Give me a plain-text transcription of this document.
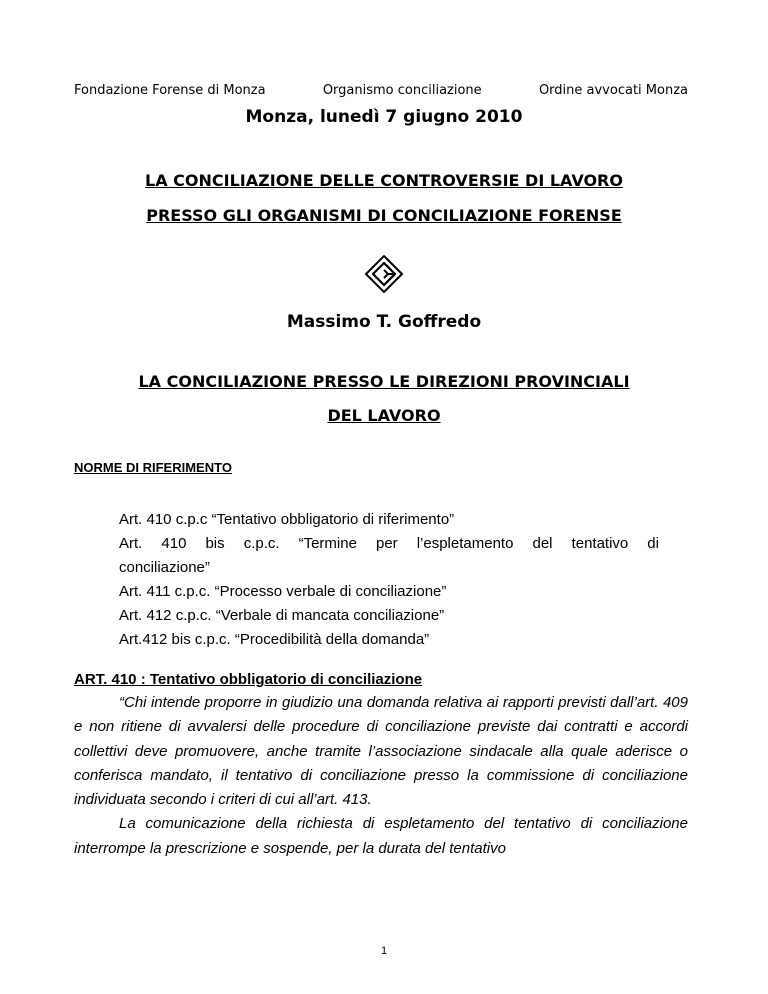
Fondazione Forense di Monza	Organismo conciliazione	Ordine avvocati Monza
Monza, lunedì 7 giugno 2010
LA CONCILIAZIONE DELLE CONTROVERSIE DI LAVORO
PRESSO GLI ORGANISMI DI CONCILIAZIONE FORENSE
Massimo T. Goffredo
LA CONCILIAZIONE PRESSO LE DIREZIONI PROVINCIALI
DEL LAVORO
NORME DI RIFERIMENTO
Art. 410 c.p.c “Tentativo obbligatorio di riferimento”
Art. 410 bis c.p.c. “Termine per l’espletamento del tentativo di
conciliazione”
Art. 411 c.p.c. “Processo verbale di conciliazione”
Art. 412 c.p.c. “Verbale di mancata conciliazione”
Art.412 bis c.p.c. “Procedibilità della domanda”
ART. 410 : Tentativo obbligatorio di conciliazione

“Chi intende proporre in giudizio una domanda relativa ai rapporti previsti dall’art. 409 e non ritiene di avvalersi delle procedure di conciliazione previste dai contratti e accordi collettivi deve promuovere, anche tramite l’associazione sindacale alla quale aderisce o conferisca mandato, il tentativo di conciliazione presso la commissione di conciliazione individuata secondo i criteri di cui all’art. 413.

La comunicazione della richiesta di espletamento del tentativo di conciliazione interrompe la prescrizione e sospende, per la durata del tentativo

1
